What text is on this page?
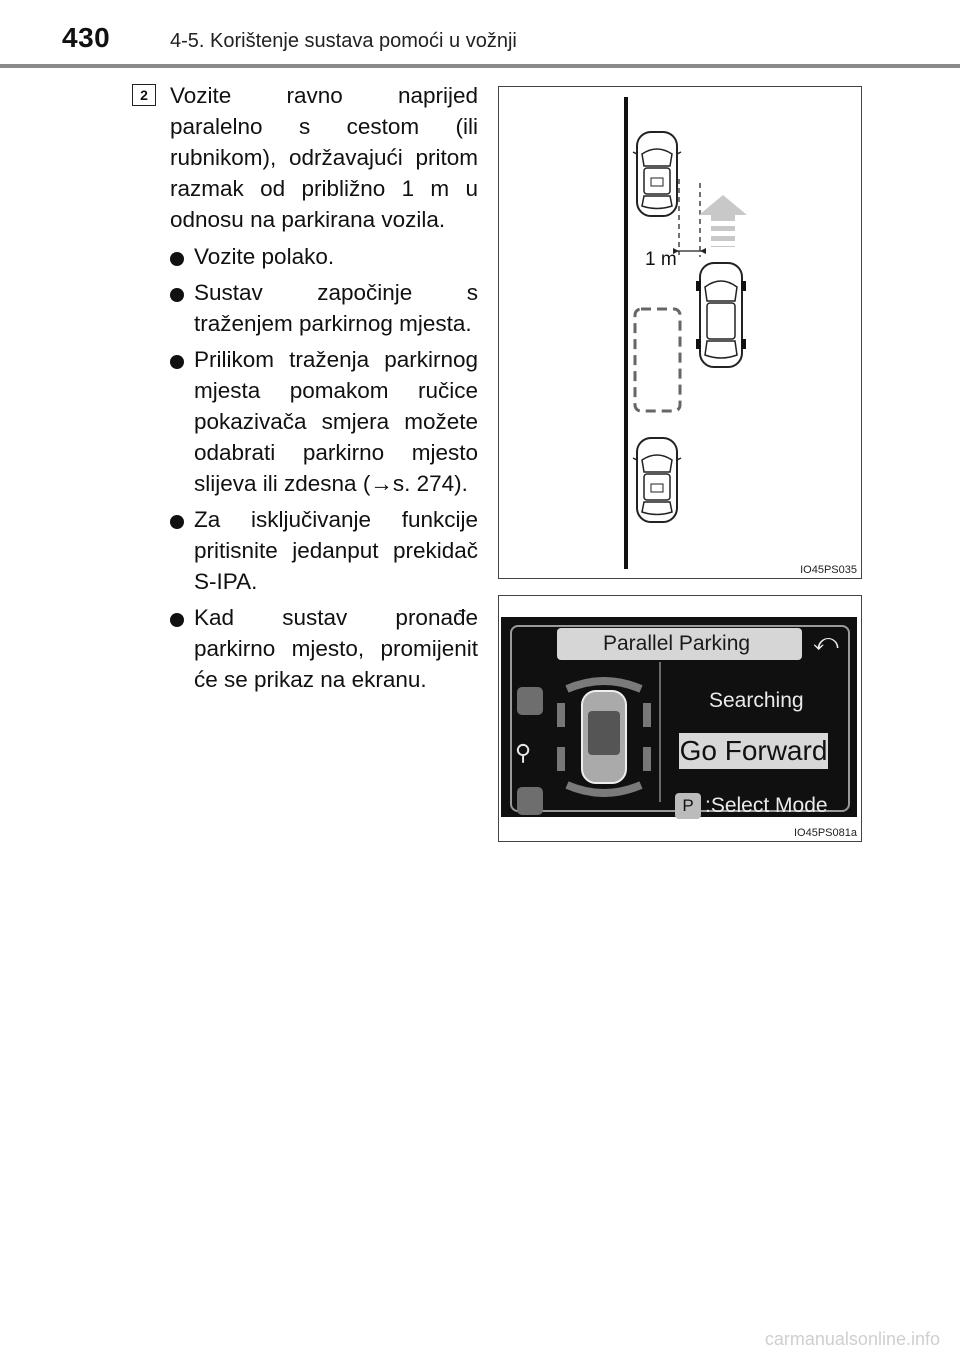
430	4-5. Korištenje sustava pomoći u vožnji
2 Vozite ravno naprijed paralelno s cestom (ili rubnikom), održavajući pritom razmak od približno 1 m u odnosu na parkirana vozila.

Vozite polako.
Sustav započinje s traženjem parkirnog mjesta.
Prilikom traženja parkirnog mjesta pomakom ručice pokazivača smjera možete odabrati parkirno mjesto slijeva ili zdesna (→s. 274).
Za isključivanje funkcije pritisnite jedanput prekidač S-IPA.
Kad sustav pronađe parkirno mjesto, promijenit će se prikaz na ekranu.
1 m
IO45PS035
Parallel Parking	⤺
⚲
Searching
Go Forward
P :Select Mode
IO45PS081a
carmanualsonline.info
